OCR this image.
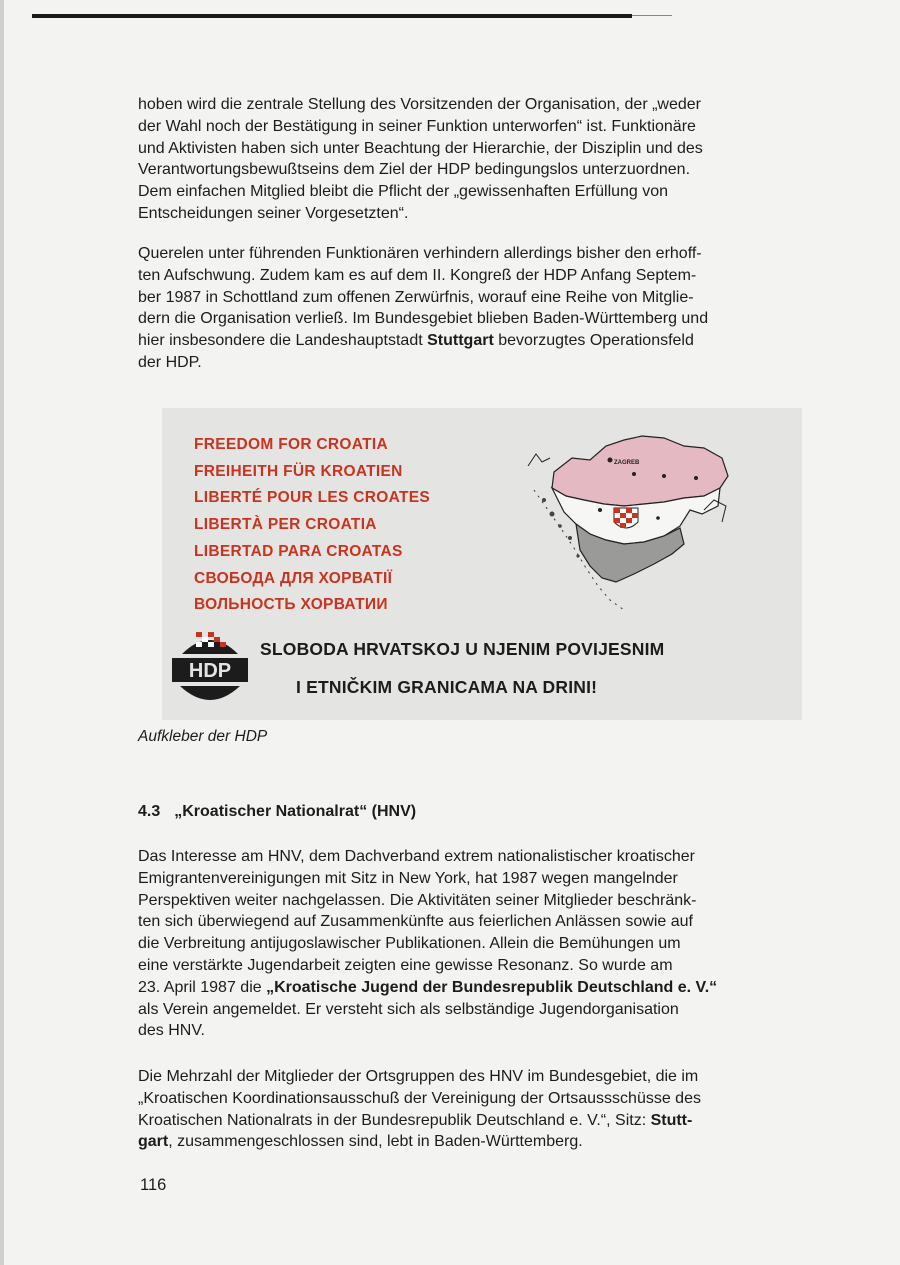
hoben wird die zentrale Stellung des Vorsitzenden der Organisation, der „weder
der Wahl noch der Bestätigung in seiner Funktion unterworfen“ ist. Funktionäre
und Aktivisten haben sich unter Beachtung der Hierarchie, der Disziplin und des
Verantwortungsbewußtseins dem Ziel der HDP bedingungslos unterzuordnen.
Dem einfachen Mitglied bleibt die Pflicht der „gewissenhaften Erfüllung von
Entscheidungen seiner Vorgesetzten“.

Querelen unter führenden Funktionären verhindern allerdings bisher den erhoff-
ten Aufschwung. Zudem kam es auf dem II. Kongreß der HDP Anfang Septem-
ber 1987 in Schottland zum offenen Zerwürfnis, worauf eine Reihe von Mitglie-
dern die Organisation verließ. Im Bundesgebiet blieben Baden-Württemberg und
hier insbesondere die Landeshauptstadt Stuttgart bevorzugtes Operationsfeld
der HDP.

FREEDOM FOR CROATIA
FREIHEITH FÜR KROATIEN
LIBERTÉ POUR LES CROATES
LIBERTÀ PER CROATIA
LIBERTAD PARA CROATAS
СВОБОДА ДЛЯ ХОРВАТІЇ
ВОЛЬНОСТЬ ХОРВАТИИ
ZAGREB
HDP
SLOBODA HRVATSKOJ U NJENIM POVIJESNIM
I ETNIČKIM GRANICAMA NA DRINI!
Aufkleber der HDP
4.3 „Kroatischer Nationalrat“ (HNV)

Das Interesse am HNV, dem Dachverband extrem nationalistischer kroatischer
Emigrantenvereinigungen mit Sitz in New York, hat 1987 wegen mangelnder
Perspektiven weiter nachgelassen. Die Aktivitäten seiner Mitglieder beschränk-
ten sich überwiegend auf Zusammenkünfte aus feierlichen Anlässen sowie auf
die Verbreitung antijugoslawischer Publikationen. Allein die Bemühungen um
eine verstärkte Jugendarbeit zeigten eine gewisse Resonanz. So wurde am
23. April 1987 die „Kroatische Jugend der Bundesrepublik Deutschland e. V.“
als Verein angemeldet. Er versteht sich als selbständige Jugendorganisation
des HNV.

Die Mehrzahl der Mitglieder der Ortsgruppen des HNV im Bundesgebiet, die im
„Kroatischen Koordinationsausschuß der Vereinigung der Ortsaussschüsse des
Kroatischen Nationalrats in der Bundesrepublik Deutschland e. V.“, Sitz: Stutt-
gart, zusammengeschlossen sind, lebt in Baden-Württemberg.

116
